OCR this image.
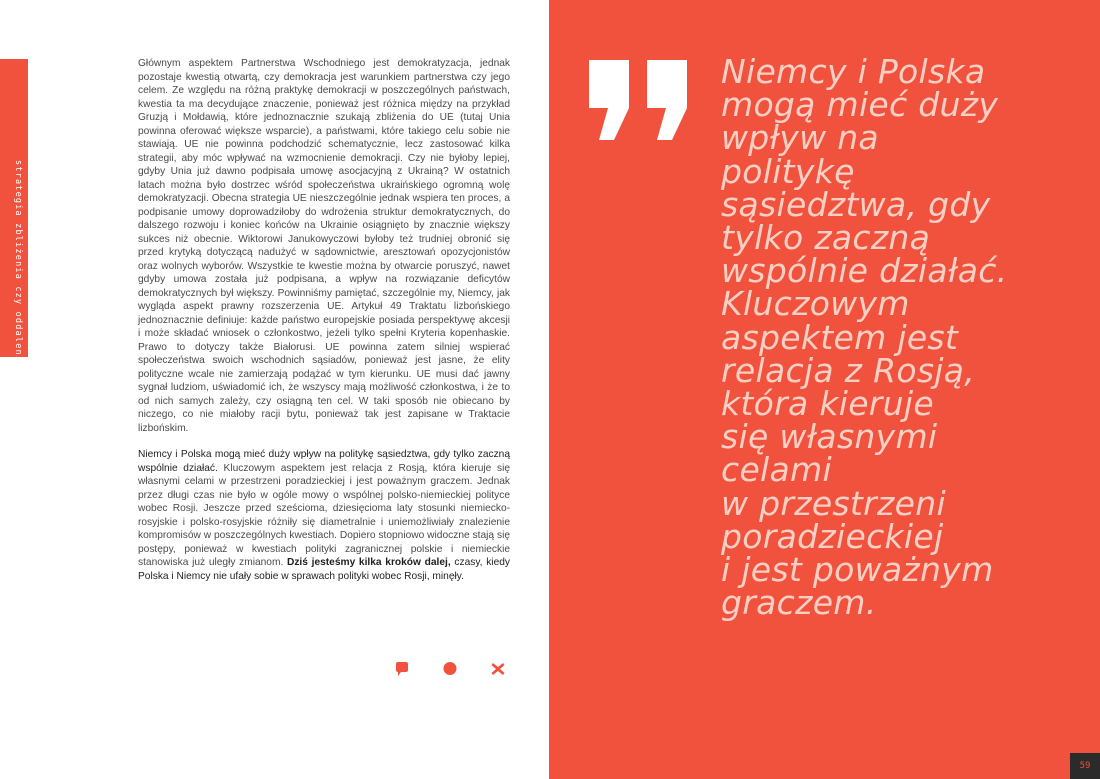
strategia zbliżenia czy oddalenia?

Głównym aspektem Partnerstwa Wschodniego jest demokratyzacja, jednak pozostaje kwestią otwartą, czy demokracja jest warunkiem partnerstwa czy jego celem. Ze względu na różną praktykę demokracji w poszczególnych państwach, kwestia ta ma decydujące znaczenie, ponieważ jest różnica między na przykład Gruzją i Mołdawią, które jednoznacznie szukają zbliżenia do UE (tutaj Unia powinna oferować większe wsparcie), a państwami, które takiego celu sobie nie stawiają. UE nie powinna podchodzić schematycznie, lecz zastosować kilka strategii, aby móc wpływać na wzmocnienie demokracji. Czy nie byłoby lepiej, gdyby Unia już dawno podpisała umowę asocjacyjną z Ukrainą? W ostatnich latach można było dostrzec wśród społeczeństwa ukraińskiego ogromną wolę demokratyzacji. Obecna strategia UE nieszczególnie jednak wspiera ten proces, a podpisanie umowy doprowadziłoby do wdrożenia struktur demokratycznych, do dalszego rozwoju i koniec końców na Ukrainie osiągnięto by znacznie większy sukces niż obecnie. Wiktorowi Janukowyczowi byłoby też trudniej obronić się przed krytyką dotyczącą nadużyć w sądownictwie, aresztowań opozycjonistów oraz wolnych wyborów. Wszystkie te kwestie można by otwarcie poruszyć, nawet gdyby umowa została już podpisana, a wpływ na rozwiązanie deficytów demokratycznych był większy. Powinniśmy pamiętać, szczególnie my, Niemcy, jak wygląda aspekt prawny rozszerzenia UE. Artykuł 49 Traktatu lizbońskiego jednoznacznie definiuje: każde państwo europejskie posiada perspektywę akcesji i może składać wniosek o członkostwo, jeżeli tylko spełni Kryteria kopenhaskie. Prawo to dotyczy także Białorusi. UE powinna zatem silniej wspierać społeczeństwa swoich wschodnich sąsiadów, ponieważ jest jasne, że elity polityczne wcale nie zamierzają podążać w tym kierunku. UE musi dać jawny sygnał ludziom, uświadomić ich, że wszyscy mają możliwość członkostwa, i że to od nich samych zależy, czy osiągną ten cel. W taki sposób nie obiecano by niczego, co nie miałoby racji bytu, ponieważ tak jest zapisane w Traktacie lizbońskim.

Niemcy i Polska mogą mieć duży wpływ na politykę sąsiedztwa, gdy tylko zaczną wspólnie działać. Kluczowym aspektem jest relacja z Rosją, która kieruje się własnymi celami w przestrzeni poradzieckiej i jest poważnym graczem. Jednak przez długi czas nie było w ogóle mowy o wspólnej polsko-niemieckiej polityce wobec Rosji. Jeszcze przed sześcioma, dziesięcioma laty stosunki niemiecko-rosyjskie i polsko-rosyjskie różniły się diametralnie i uniemożliwiały znalezienie kompromisów w poszczególnych kwestiach. Dopiero stopniowo widoczne stają się postępy, ponieważ w kwestiach polityki zagranicznej polskie i niemieckie stanowiska już uległy zmianom. Dziś jesteśmy kilka kroków dalej, czasy, kiedy Polska i Niemcy nie ufały sobie w sprawach polityki wobec Rosji, minęły.

Niemcy i Polska
mogą mieć duży
wpływ na
politykę
sąsiedztwa, gdy
tylko zaczną
wspólnie działać.
Kluczowym
aspektem jest
relacja z Rosją,
która kieruje
się własnymi
celami
w przestrzeni
poradzieckiej
i jest poważnym
graczem.
59
